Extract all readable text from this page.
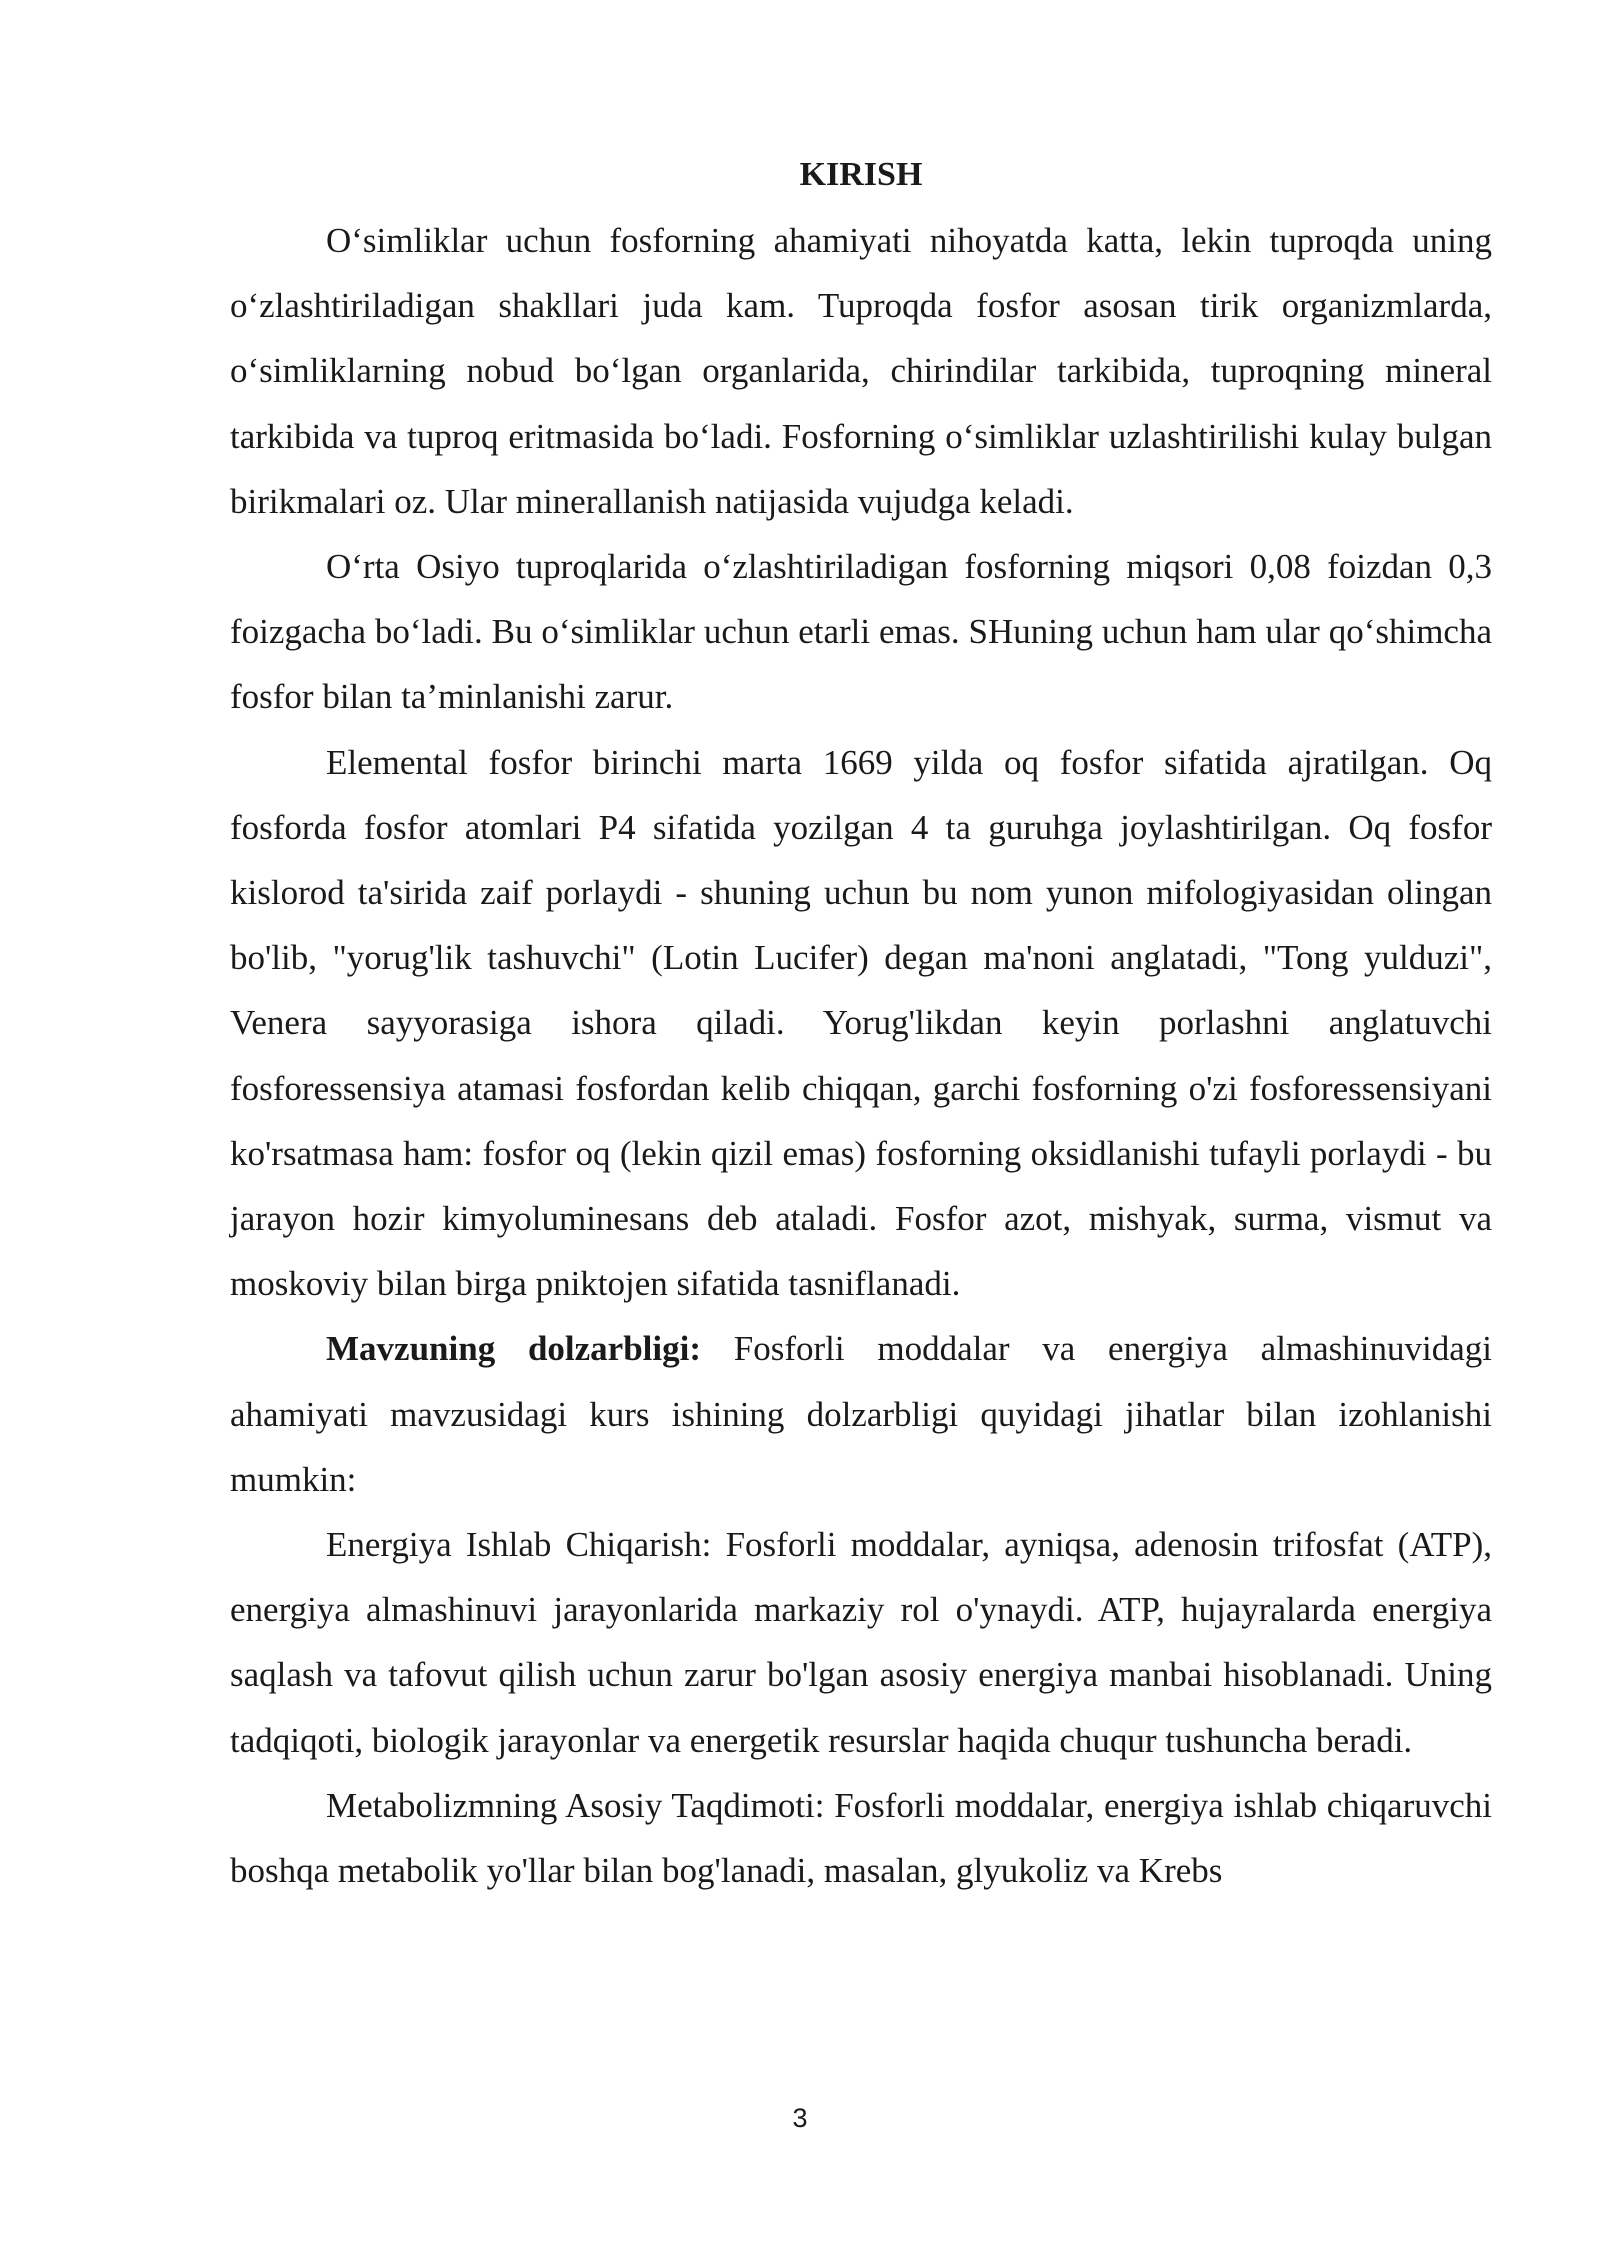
KIRISH

O‘simliklar uchun fosforning ahamiyati nihoyatda katta, lekin tuproqda uning o‘zlashtiriladigan shakllari juda kam. Tuproqda fosfor asosan tirik organizmlarda, o‘simliklarning nobud bo‘lgan organlarida, chirindilar tarkibida, tuproqning mineral tarkibida va tuproq eritmasida bo‘ladi. Fosforning o‘simliklar uzlashtirilishi kulay bulgan birikmalari oz. Ular minerallanish natijasida vujudga keladi.

O‘rta Osiyo tuproqlarida o‘zlashtiriladigan fosforning miqsori 0,08 foizdan 0,3 foizgacha bo‘ladi. Bu o‘simliklar uchun etarli emas. SHuning uchun ham ular qo‘shimcha fosfor bilan ta’minlanishi zarur.

Elemental fosfor birinchi marta 1669 yilda oq fosfor sifatida ajratilgan. Oq fosforda fosfor atomlari P4 sifatida yozilgan 4 ta guruhga joylashtirilgan. Oq fosfor kislorod ta'sirida zaif porlaydi - shuning uchun bu nom yunon mifologiyasidan olingan bo'lib, "yorug'lik tashuvchi" (Lotin Lucifer) degan ma'noni anglatadi, "Tong yulduzi", Venera sayyorasiga ishora qiladi. Yorug'likdan keyin porlashni anglatuvchi fosforessensiya atamasi fosfordan kelib chiqqan, garchi fosforning o'zi fosforessensiyani ko'rsatmasa ham: fosfor oq (lekin qizil emas) fosforning oksidlanishi tufayli porlaydi - bu jarayon hozir kimyoluminesans deb ataladi. Fosfor azot, mishyak, surma, vismut va moskoviy bilan birga pniktojen sifatida tasniflanadi.

Mavzuning dolzarbligi: Fosforli moddalar va energiya almashinuvidagi ahamiyati mavzusidagi kurs ishining dolzarbligi quyidagi jihatlar bilan izohlanishi mumkin:

Energiya Ishlab Chiqarish: Fosforli moddalar, ayniqsa, adenosin trifosfat (ATP), energiya almashinuvi jarayonlarida markaziy rol o'ynaydi. ATP, hujayralarda energiya saqlash va tafovut qilish uchun zarur bo'lgan asosiy energiya manbai hisoblanadi. Uning tadqiqoti, biologik jarayonlar va energetik resurslar haqida chuqur tushuncha beradi.

Metabolizmning Asosiy Taqdimoti: Fosforli moddalar, energiya ishlab chiqaruvchi boshqa metabolik yo'llar bilan bog'lanadi, masalan, glyukoliz va Krebs

3
